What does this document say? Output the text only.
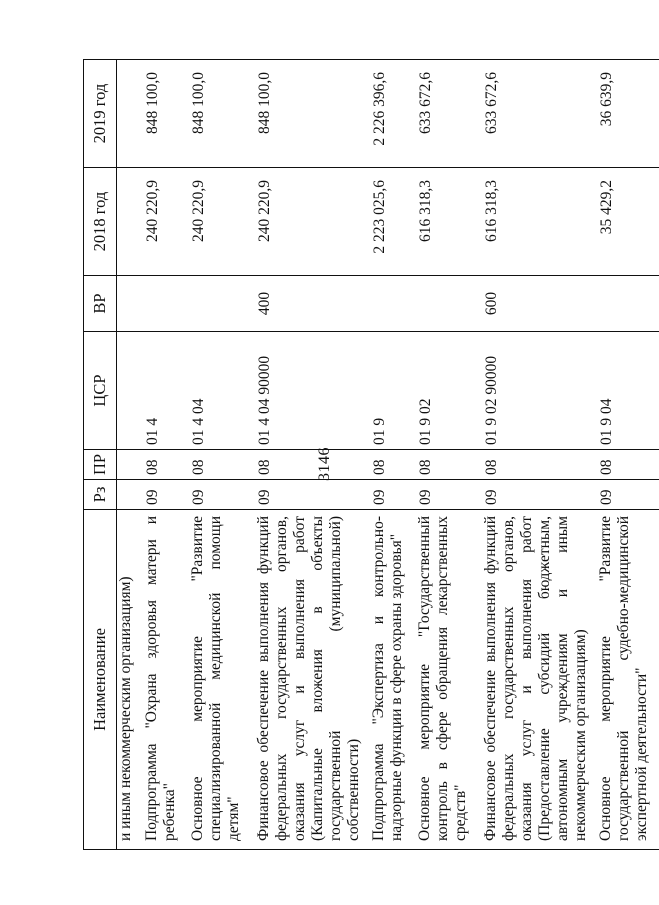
3146
Наименование	Рз	ПР	ЦСР	ВР	2018 год	2019 год
и иным некоммерческим организациям)						
Подпрограмма "Охрана здоровья матери и ребенка"	09	08	01 4		240 220,9	848 100,0
Основное мероприятие "Развитие специализированной медицинской помощи детям"	09	08	01 4 04		240 220,9	848 100,0
Финансовое обеспечение выполнения функций федеральных государственных органов, оказания услуг и выполнения работ (Капитальные вложения в объекты государственной (муниципальной) собственности)	09	08	01 4 04 90000	400	240 220,9	848 100,0
Подпрограмма "Экспертиза и контрольно-надзорные функции в сфере охраны здоровья"	09	08	01 9		2 223 025,6	2 226 396,6
Основное мероприятие "Государственный контроль в сфере обращения лекарственных средств"	09	08	01 9 02		616 318,3	633 672,6
Финансовое обеспечение выполнения функций федеральных государственных органов, оказания услуг и выполнения работ (Предоставление субсидий бюджетным, автономным учреждениям и иным некоммерческим организациям)	09	08	01 9 02 90000	600	616 318,3	633 672,6
Основное мероприятие "Развитие государственной судебно-медицинской экспертной деятельности"	09	08	01 9 04		35 429,2	36 639,9
